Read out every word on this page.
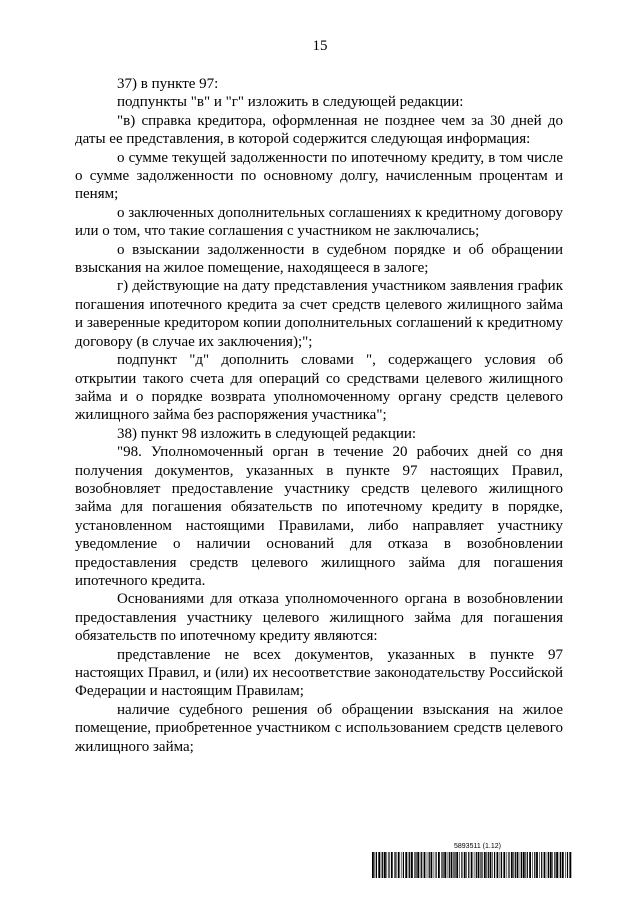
15

37) в пункте 97:

подпункты "в" и "г" изложить в следующей редакции:

"в) справка кредитора, оформленная не позднее чем за 30 дней до даты ее представления, в которой содержится следующая информация:

о сумме текущей задолженности по ипотечному кредиту, в том числе о сумме задолженности по основному долгу, начисленным процентам и пеням;

о заключенных дополнительных соглашениях к кредитному договору или о том, что такие соглашения с участником не заключались;

о взыскании задолженности в судебном порядке и об обращении взыскания на жилое помещение, находящееся в залоге;

г) действующие на дату представления участником заявления график погашения ипотечного кредита за счет средств целевого жилищного займа и заверенные кредитором копии дополнительных соглашений к кредитному договору (в случае их заключения);";

подпункт "д" дополнить словами ", содержащего условия об открытии такого счета для операций со средствами целевого жилищного займа и о порядке возврата уполномоченному органу средств целевого жилищного займа без распоряжения участника";

38) пункт 98 изложить в следующей редакции:

"98. Уполномоченный орган в течение 20 рабочих дней со дня получения документов, указанных в пункте 97 настоящих Правил, возобновляет предоставление участнику средств целевого жилищного займа для погашения обязательств по ипотечному кредиту в порядке, установленном настоящими Правилами, либо направляет участнику уведомление о наличии оснований для отказа в возобновлении предоставления средств целевого жилищного займа для погашения ипотечного кредита.

Основаниями для отказа уполномоченного органа в возобновлении предоставления участнику целевого жилищного займа для погашения обязательств по ипотечному кредиту являются:

представление не всех документов, указанных в пункте 97 настоящих Правил, и (или) их несоответствие законодательству Российской Федерации и настоящим Правилам;

наличие судебного решения об обращении взыскания на жилое помещение, приобретенное участником с использованием средств целевого жилищного займа;

5893511 (1.12)
